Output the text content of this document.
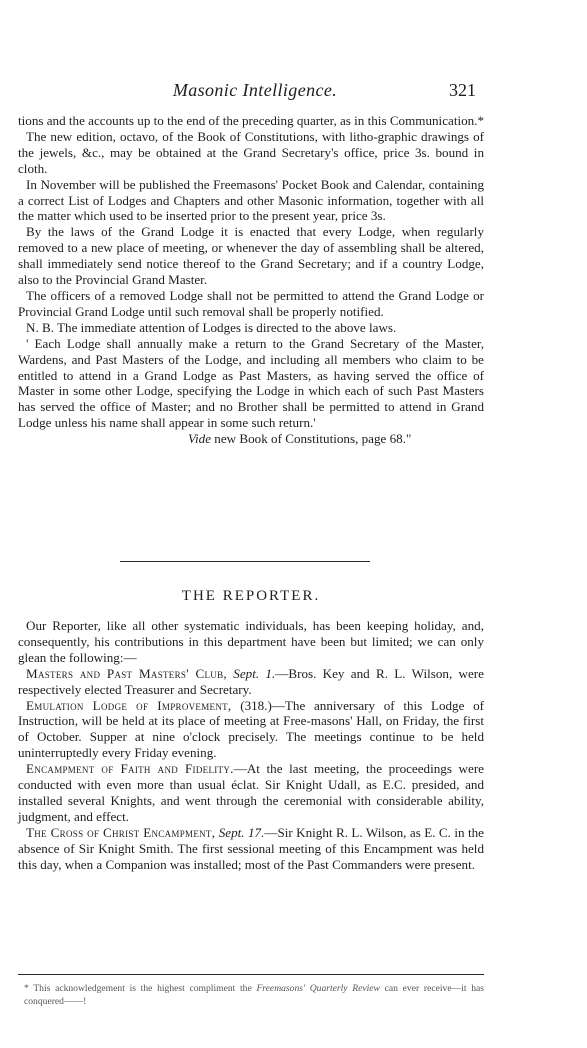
Masonic Intelligence.	321

tions and the accounts up to the end of the preceding quarter, as in this Communication.*

The new edition, octavo, of the Book of Constitutions, with litho-graphic drawings of the jewels, &c., may be obtained at the Grand Secretary's office, price 3s. bound in cloth.

In November will be published the Freemasons' Pocket Book and Calendar, containing a correct List of Lodges and Chapters and other Masonic information, together with all the matter which used to be inserted prior to the present year, price 3s.

By the laws of the Grand Lodge it is enacted that every Lodge, when regularly removed to a new place of meeting, or whenever the day of assembling shall be altered, shall immediately send notice thereof to the Grand Secretary; and if a country Lodge, also to the Provincial Grand Master.

The officers of a removed Lodge shall not be permitted to attend the Grand Lodge or Provincial Grand Lodge until such removal shall be properly notified.

N. B. The immediate attention of Lodges is directed to the above laws.

' Each Lodge shall annually make a return to the Grand Secretary of the Master, Wardens, and Past Masters of the Lodge, and including all members who claim to be entitled to attend in a Grand Lodge as Past Masters, as having served the office of Master in some other Lodge, specifying the Lodge in which each of such Past Masters has served the office of Master; and no Brother shall be permitted to attend in Grand Lodge unless his name shall appear in some such return.'

Vide new Book of Constitutions, page 68."

THE REPORTER.

Our Reporter, like all other systematic individuals, has been keeping holiday, and, consequently, his contributions in this department have been but limited; we can only glean the following:—

Masters and Past Masters' Club, Sept. 1.—Bros. Key and R. L. Wilson, were respectively elected Treasurer and Secretary.

Emulation Lodge of Improvement, (318.)—The anniversary of this Lodge of Instruction, will be held at its place of meeting at Free-masons' Hall, on Friday, the first of October. Supper at nine o'clock precisely. The meetings continue to be held uninterruptedly every Friday evening.

Encampment of Faith and Fidelity.—At the last meeting, the proceedings were conducted with even more than usual éclat. Sir Knight Udall, as E.C. presided, and installed several Knights, and went through the ceremonial with considerable ability, judgment, and effect.

The Cross of Christ Encampment, Sept. 17.—Sir Knight R. L. Wilson, as E. C. in the absence of Sir Knight Smith. The first sessional meeting of this Encampment was held this day, when a Companion was installed; most of the Past Commanders were present.

* This acknowledgement is the highest compliment the Freemasons' Quarterly Review can ever receive—it has conquered——!
